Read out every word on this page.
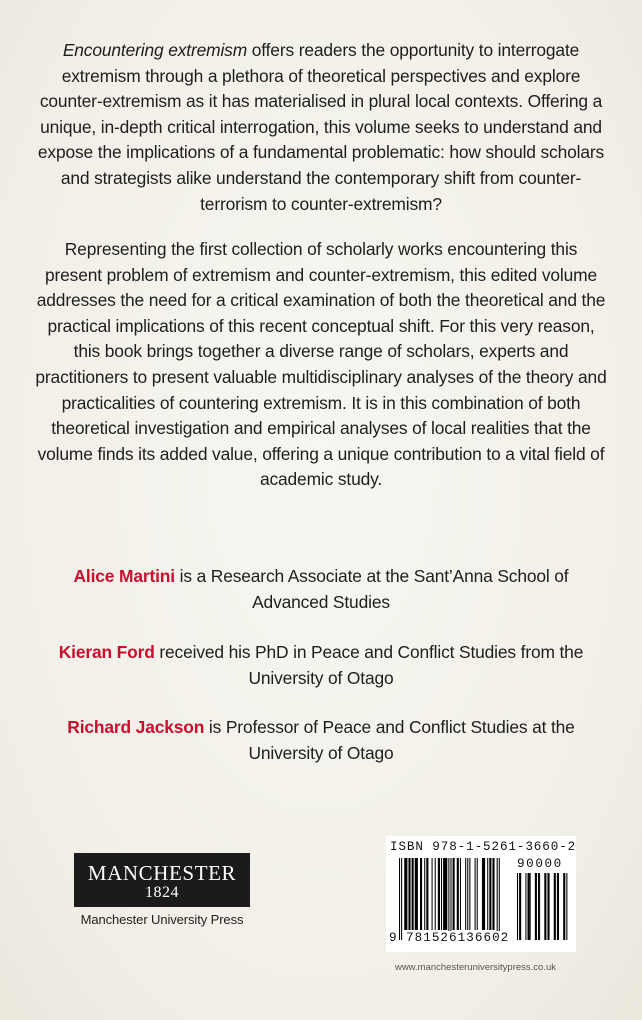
Encountering extremism offers readers the opportunity to interrogate extremism through a plethora of theoretical perspectives and explore counter-extremism as it has materialised in plural local contexts. Offering a unique, in-depth critical interrogation, this volume seeks to understand and expose the implications of a fundamental problematic: how should scholars and strategists alike understand the contemporary shift from counter-terrorism to counter-extremism?

Representing the first collection of scholarly works encountering this present problem of extremism and counter-extremism, this edited volume addresses the need for a critical examination of both the theoretical and the practical implications of this recent conceptual shift. For this very reason, this book brings together a diverse range of scholars, experts and practitioners to present valuable multidisciplinary analyses of the theory and practicalities of countering extremism. It is in this combination of both theoretical investigation and empirical analyses of local realities that the volume finds its added value, offering a unique contribution to a vital field of academic study.

Alice Martini is a Research Associate at the Sant’Anna School of Advanced Studies

Kieran Ford received his PhD in Peace and Conflict Studies from the University of Otago

Richard Jackson is Professor of Peace and Conflict Studies at the University of Otago

MANCHESTER
1824
Manchester University Press
ISBN 978-1-5261-3660-2
90000
9 781526136602
www.manchesteruniversitypress.co.uk
